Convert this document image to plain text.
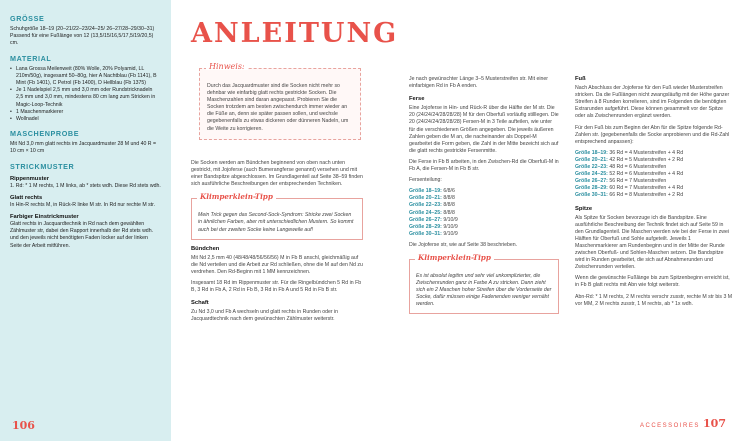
GRÖSSE

Schuhgröße 18–19 (20–21/22–23/24–25/ 26–27/28–29/30–31)

Passend für eine Fußlänge von 12 (13,5/15/16,5/17,5/19/20,5) cm.

MATERIAL
• Lana Grossa Meilenweit (80% Wolle, 20% Polyamid, LL 210m/50g), insgesamt 50–80g, hier A Nachtblau (Fb 1141), B Mint (Fb 1401), C Petrol (Fb 1400), D Hellblau (Fb 1375)
• Je 1 Nadelspiel 2,5 mm und 3,0 mm oder Rundstricknadeln 2,5 mm und 3,0 mm, mindestens 80 cm lang zum Stricken in Magic-Loop-Technik
• 1 Maschenmarkierer
• Wollnadel
MASCHENPROBE

Mit Nd 3,0 mm glatt rechts im Jacquardmuster 28 M und 40 R = 10 cm × 10 cm

STRICKMUSTER
Rippenmuster

1. Rd: * 1 M rechts, 1 M links, ab * stets wdh. Diese Rd stets wdh.

Glatt rechts

In Hin-R rechts M, in Rück-R linke M str. In Rd nur rechte M str.

Farbiger Einstrickmuster

Glatt rechts in Jacquardtechnik in Rd nach dem gewählten Zählmuster str, dabei den Rapport innerhalb der Rd stets wdh. und den jeweils nicht benötigten Faden locker auf der linken Seite der Arbeit mitführen.

106
ANLEITUNG
Hinweis:
Durch das Jacquardmuster sind die Socken nicht mehr so dehnbar wie einfarbig glatt rechts gestrickte Socken. Die Maschenzahlen sind daran angepasst. Probieren Sie die Socken trotzdem am besten zwischendurch immer wieder an die Füße an, denn sie später passen sollen, und wechsle gegebenenfalls zu etwas dickeren oder dünneren Nadeln, um die Weite zu korrigieren.

Die Socken werden am Bündchen beginnend von oben nach unten gestrickt, mit Jojoferse (auch Bumerangferse genannt) versehen und mit einer Bandspitze abgeschlossen. Im Grundlagenteil auf Seite 38–59 finden sich ausführliche Beschreibungen der entsprechenden Techniken.

Klimperklein-Tipp
Mein Trick gegen das Second-Sock-Syndrom: Stricke zwei Socken in ähnlichen Farben, aber mit unterschiedlichen Mustern. So kommt auch bei der zweiten Socke keine Langeweile auf!
Bündchen

Mit Nd 2,5 mm 40 (48/48/48/56/56/56) M in Fb B anschl, gleichmäßig auf die Nd verteilen und die Arbeit zur Rd schließen, ohne die M auf den Nd zu verdrehen. Den Rd-Beginn mit 1 MM kennzeichnen.

Insgesamt 18 Rd im Rippenmuster str. Für die Ringelbündchen 5 Rd in Fb B, 3 Rd in Fb A, 2 Rd in Fb B, 3 Rd in Fb A und 5 Rd in Fb B str.

Schaft

Zu Nd 3,0 und Fb A wechseln und glatt rechts in Runden oder in Jacquardtechnik nach dem gewünschten Zählmuster weiterstr.

Je nach gewünschter Länge 3–5 Musterstreifen str. Mit einer einfarbigen Rd in Fb A enden.

Ferse

Eine Jojoferse in Hin- und Rück-R über die Hälfte der M str. Die 20 (24/24/24/28/28/28) M für den Oberfuß vorläufig stilllegen. Die 20 (24/24/24/28/28/28) Fersen-M in 3 Teile aufteilen, wie unter für die verschiedenen Größen angegeben. Die jeweils äußeren Zahlen geben die M an, die nacheinander als Doppel-M gearbeitet die Form geben, die Zahl in der Mitte bezeicht sich auf die glatt rechts gestrickte Fersenmitte.

Die Ferse in Fb B arbeiten, in den Zwischen-Rd die Oberfuß-M in Fb A, die Fersen-M in Fb B str.

Fersenteilung:

Größe 18–19: 6/8/6
Größe 20–21: 8/8/8
Größe 22–23: 8/8/8
Größe 24–25: 8/8/8
Größe 26–27: 9/10/9
Größe 28–29: 9/10/9
Größe 30–31: 9/10/9

Die Jojoferse str, wie auf Seite 38 beschrieben.

Klimperklein-Tipp
Es ist absolut legitim und sehr viel unkomplizierter, die Zwischenrunden ganz in Farbe A zu stricken. Dann zieht sich ein 2 Maschen hoher Streifen über die Vorderseite der Socke, dafür müssen einige Fadenenden weniger vernäht werden.
Fuß

Nach Abschluss der Jojoferse für den Fuß wieder Musterstreifen stricken. Da die Fußlängen nicht zwangsläufig mit der Höhe ganzer Streifen à 8 Runden korrelieren, sind im Folgenden die benötigten Extrarunden aufgeführt. Diese können gesammelt vor der Spitze oder als Zwischenrunden ergänzt werden.

Für den Fuß bis zum Beginn der Abn für die Spitze folgende Rd-Zahlen str. (gegebenenfalls die Socke anprobieren und die Rd-Zahl entsprechend anpassen):

Größe 18–19: 36 Rd = 4 Musterstreifen + 4 Rd
Größe 20–21: 42 Rd = 5 Musterstreifen + 2 Rd
Größe 22–23: 48 Rd = 6 Musterstreifen
Größe 24–25: 52 Rd = 6 Musterstreifen + 4 Rd
Größe 26–27: 56 Rd = 7 Musterstreifen
Größe 28–29: 60 Rd = 7 Musterstreifen + 4 Rd
Größe 30–31: 66 Rd = 8 Musterstreifen + 2 Rd
Spitze

Als Spitze für Socken bevorzuge ich die Bandspitze. Eine ausführliche Beschreibung der Technik findet sich auf Seite 59 in den Grundlagenteil. Die Maschen werden wie bei der Ferse in zwei Hälften für Oberfuß und Sohle aufgeteilt. Jeweils 1 Maschenmarkierer am Rundenbeginn und in der Mitte der Runde zwischen Oberfuß- und Sohlen-Maschen setzen. Die Bandspitze wird in Runden gearbeitet, die sich auf Abnahmerunden und Zwischenrunden verteilen.

Wenn die gewünschte Fußlänge bis zum Spitzenbeginn erreicht ist, in Fb B glatt rechts mit Abn wie folgt weiterstr.

Abn-Rd: * 1 M rechts, 2 M rechts verschr zusstr, rechte M str bis 3 M vor MM, 2 M rechts zusstr, 1 M rechts, ab * 1x wdh.

ACCESSOIRES 107
